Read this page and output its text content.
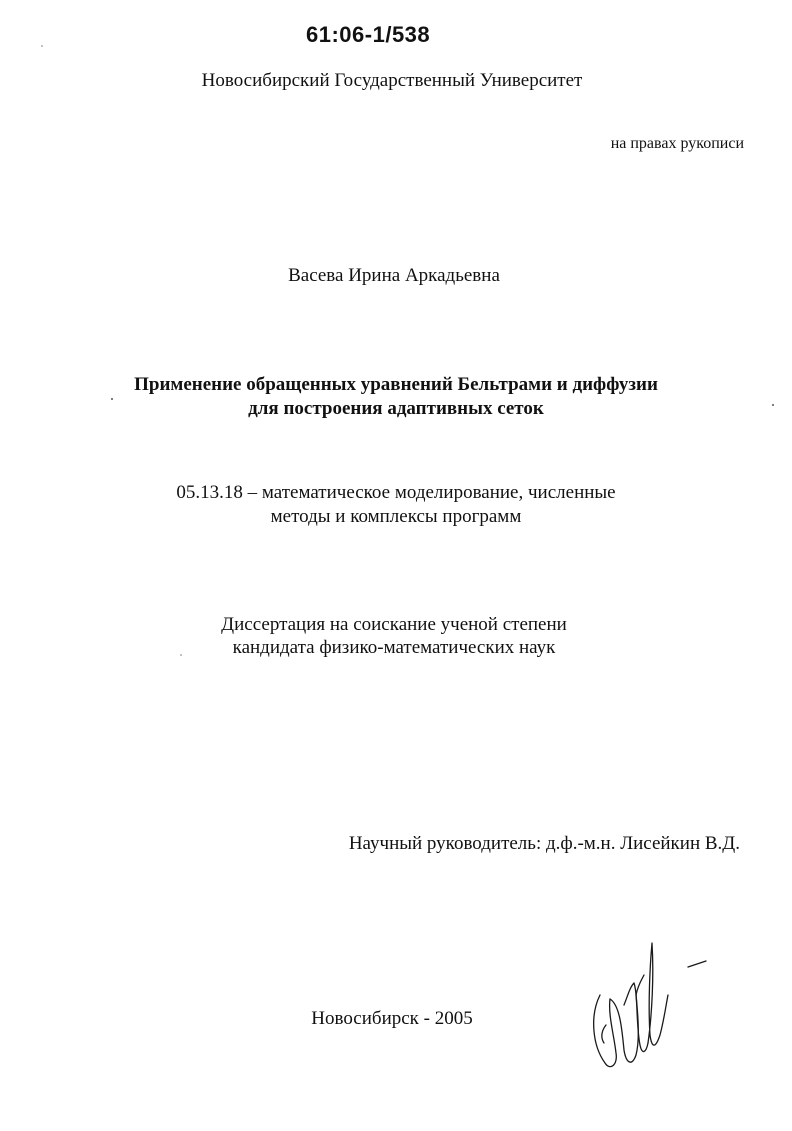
61:06-1/538
Новосибирский Государственный Университет
на правах рукописи
Васева Ирина Аркадьевна
Применение обращенных уравнений Бельтрами и диффузии
для построения адаптивных сеток
05.13.18 – математическое моделирование, численные
методы и комплексы программ
Диссертация на соискание ученой степени
кандидата физико-математических наук
Научный руководитель: д.ф.-м.н. Лисейкин В.Д.
Новосибирск - 2005
